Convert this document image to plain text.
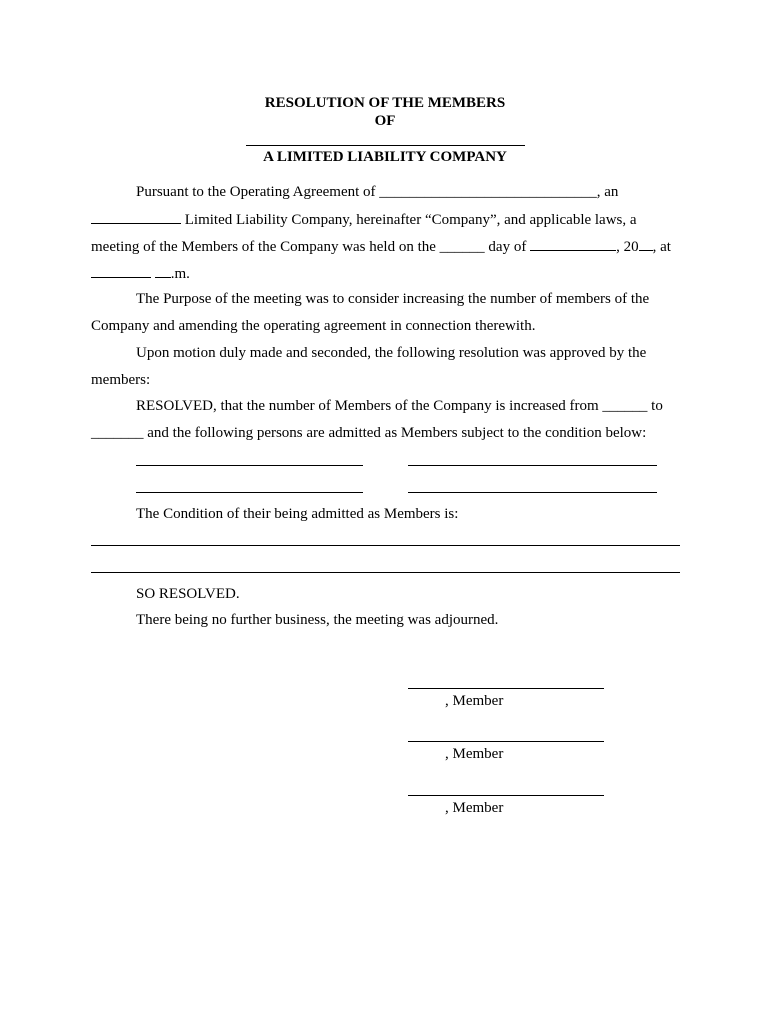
RESOLUTION OF THE MEMBERS
OF
A LIMITED LIABILITY COMPANY
Pursuant to the Operating Agreement of _____________________________, an
Limited Liability Company, hereinafter “Company”, and applicable laws, a
meeting of the Members of the Company was held on the ______ day of	, 20 , at
.m.
The Purpose of the meeting was to consider increasing the number of members of the
Company and amending the operating agreement in connection therewith.
Upon motion duly made and seconded, the following resolution was approved by the
members:
RESOLVED, that the number of Members of the Company is increased from ______ to
_______ and the following persons are admitted as Members subject to the condition below:
The Condition of their being admitted as Members is:
SO RESOLVED.
There being no further business, the meeting was adjourned.
, Member
, Member
, Member
